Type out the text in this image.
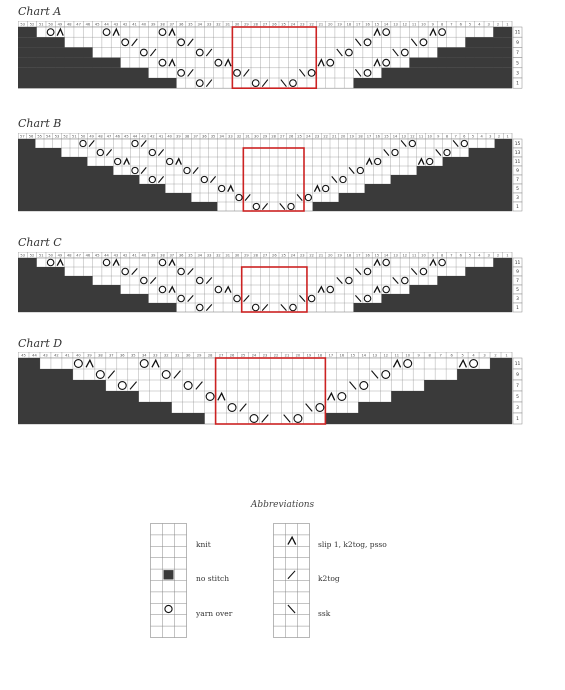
Chart A
53 52 51 50 49 48 47 46 45 44 43 42 41 40 39 38 37 36 35 34 33 32 31 30 29 28 27 26 25 24 23 22 21 20 19 18 17 16 15 14 13 12 11 10 9 8 7 6 5 4 3 2 1
11
9
7
5
3
1
Chart B
57 56 55 54 53 52 51 50 49 48 47 46 45 44 43 42 41 40 39 38 37 36 35 34 33 32 31 30 29 28 27 26 25 24 23 22 21 20 19 18 17 16 15 14 13 12 11 10 9 8 7 6 5 4 3 2 1
15
13
11
9
7
5
3
1
Chart C
53 52 51 50 49 48 47 46 45 44 43 42 41 40 39 38 37 36 35 34 33 32 31 30 29 28 27 26 25 24 23 22 21 20 19 18 17 16 15 14 13 12 11 10 9 8 7 6 5 4 3 2 1
11
9
7
5
3
1
Chart D
45 44 43 42 41 40 39 38 37 36 35 34 33 32 31 30 29 28 27 26 25 24 23 22 21 20 19 18 17 16 15 14 13 12 11 10 9 8 7 6 5 4 3 2 1
11
9
7
5
3
1
Abbreviations
knit
no stitch
yarn over
slip 1, k2tog, psso
k2tog
ssk
